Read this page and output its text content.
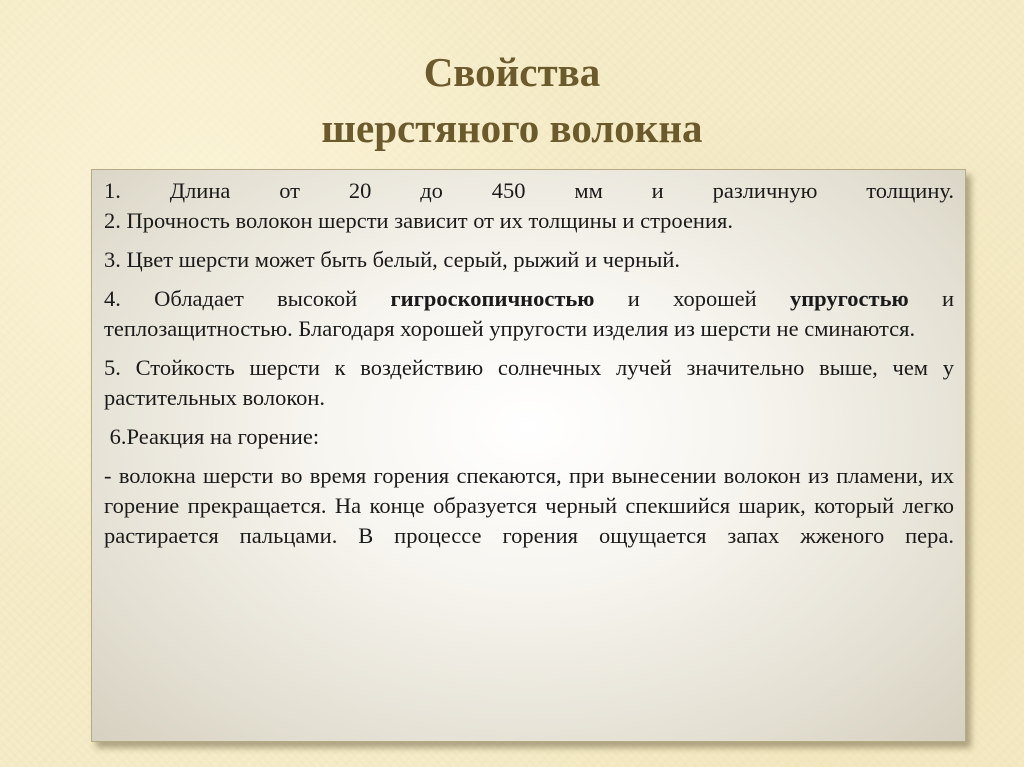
Свойства
шерстяного волокна
1. Длина от 20 до 450 мм и различную толщину.

2. Прочность волокон шерсти зависит от их толщины и строения.

3. Цвет шерсти может быть белый, серый, рыжий и черный.

4. Обладает высокой гигроскопичностью и хорошей упругостью и теплозащитностью. Благодаря хорошей упругости изделия из шерсти не сминаются.

5. Стойкость шерсти к воздействию солнечных лучей значительно выше, чем у растительных волокон.

6.Реакция на горение:

- волокна шерсти во время горения спекаются, при вынесении волокон из пламени, их горение прекращается. На конце образуется черный спекшийся шарик, который легко растирается пальцами. В процессе горения ощущается запах жженого пера.
